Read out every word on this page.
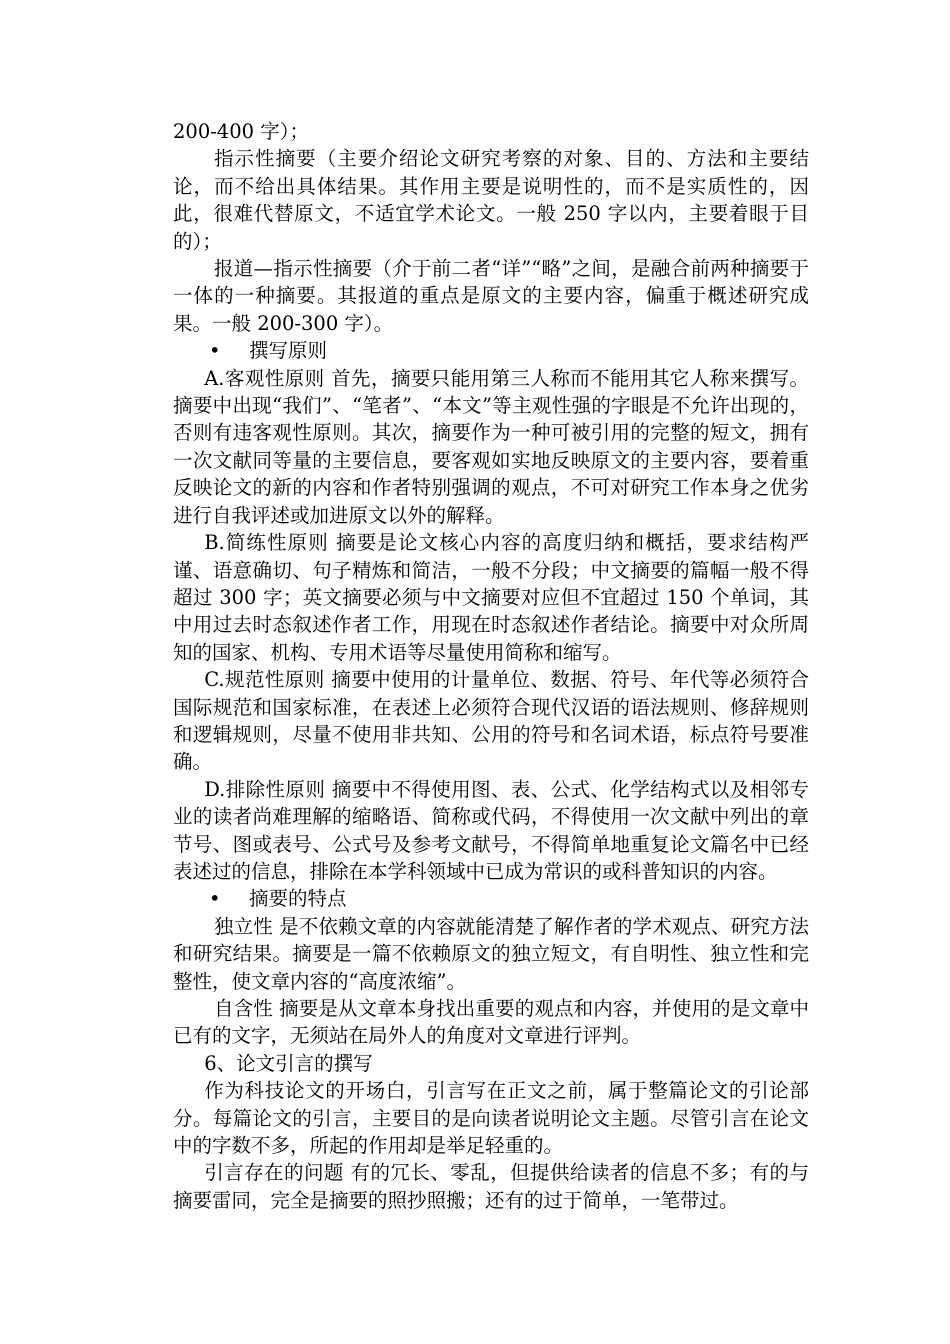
200-400 字）；

指示性摘要（主要介绍论文研究考察的对象、目的、方法和主要结论，而不给出具体结果。其作用主要是说明性的，而不是实质性的，因此，很难代替原文，不适宜学术论文。一般 250 字以内，主要着眼于目的）；

报道—指示性摘要（介于前二者“详”“略”之间，是融合前两种摘要于一体的一种摘要。其报道的重点是原文的主要内容，偏重于概述研究成果。一般 200-300 字）。

•	撰写原则

A.客观性原则 首先，摘要只能用第三人称而不能用其它人称来撰写。摘要中出现“我们”、“笔者”、“本文”等主观性强的字眼是不允许出现的，否则有违客观性原则。其次，摘要作为一种可被引用的完整的短文，拥有一次文献同等量的主要信息，要客观如实地反映原文的主要内容，要着重反映论文的新的内容和作者特别强调的观点，不可对研究工作本身之优劣进行自我评述或加进原文以外的解释。

B.简练性原则 摘要是论文核心内容的高度归纳和概括，要求结构严谨、语意确切、句子精炼和简洁，一般不分段；中文摘要的篇幅一般不得超过 300 字；英文摘要必须与中文摘要对应但不宜超过 150 个单词，其中用过去时态叙述作者工作，用现在时态叙述作者结论。摘要中对众所周知的国家、机构、专用术语等尽量使用简称和缩写。

C.规范性原则 摘要中使用的计量单位、数据、符号、年代等必须符合国际规范和国家标准，在表述上必须符合现代汉语的语法规则、修辞规则和逻辑规则，尽量不使用非共知、公用的符号和名词术语，标点符号要准确。

D.排除性原则 摘要中不得使用图、表、公式、化学结构式以及相邻专业的读者尚难理解的缩略语、简称或代码，不得使用一次文献中列出的章节号、图或表号、公式号及参考文献号，不得简单地重复论文篇名中已经表述过的信息，排除在本学科领域中已成为常识的或科普知识的内容。

•	摘要的特点

独立性 是不依赖文章的内容就能清楚了解作者的学术观点、研究方法和研究结果。摘要是一篇不依赖原文的独立短文，有自明性、独立性和完整性，使文章内容的“高度浓缩”。

自含性 摘要是从文章本身找出重要的观点和内容，并使用的是文章中已有的文字，无须站在局外人的角度对文章进行评判。

6、论文引言的撰写

作为科技论文的开场白，引言写在正文之前，属于整篇论文的引论部分。每篇论文的引言，主要目的是向读者说明论文主题。尽管引言在论文中的字数不多，所起的作用却是举足轻重的。

引言存在的问题 有的冗长、零乱，但提供给读者的信息不多；有的与摘要雷同，完全是摘要的照抄照搬；还有的过于简单，一笔带过。
